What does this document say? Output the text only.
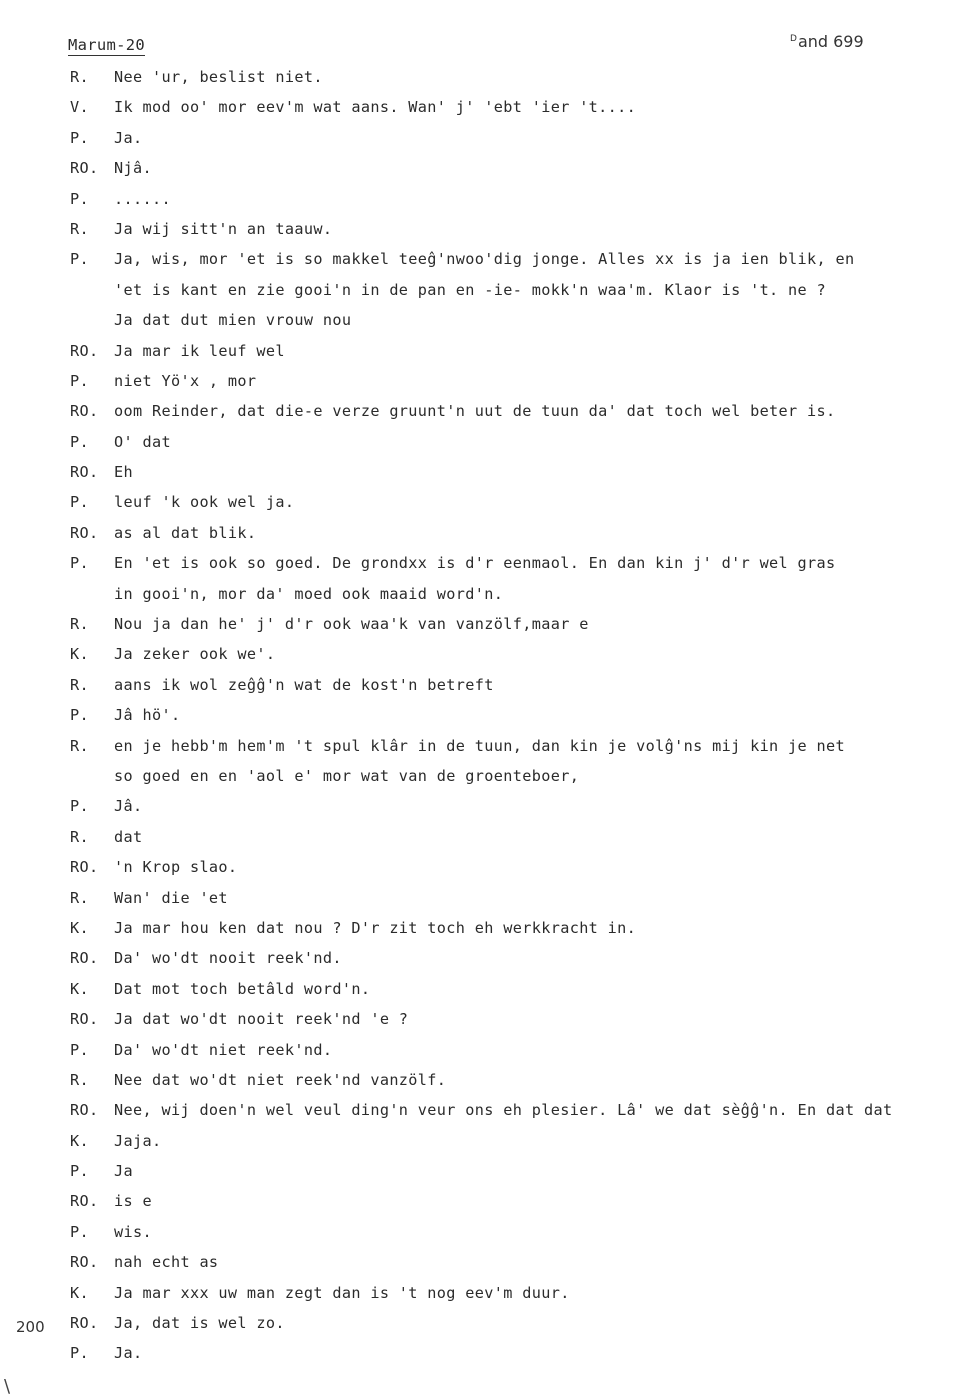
Marum-20	$^D$and 699
R.	Nee 'ur, beslist niet.
V.	Ik mod oo' mor eev'm wat aans. Wan' j' 'ebt 'ier 't....
P.	Ja.
RO.	Njâ.
P.	......
R.	Ja wij sitt'n an taauw.
P.	Ja, wis, mor 'et is so makkel teeĝ'nwoo'dig jonge. Alles xx is ja ien blik, en
'et is kant en zie gooi'n in de pan en -ie- mokk'n waa'm. Klaor is 't. ne ?
Ja dat dut mien vrouw nou
RO.	Ja mar ik leuf wel
P.	niet Yö'x , mor
RO.	oom Reinder, dat die-e verze gruunt'n uut de tuun da' dat toch wel beter is.
P.	O' dat
RO.	Eh
P.	leuf 'k ook wel ja.
RO.	as al dat blik.
P.	En 'et is ook so goed. De grondxx is d'r eenmaol. En dan kin j' d'r wel gras
in gooi'n, mor da' moed ook maaid word'n.
R.	Nou ja dan he' j' d'r ook waa'k van vanzölf,maar e
K.	Ja zeker ook we'.
R.	aans ik wol zeĝĝ'n wat de kost'n betreft
P.	Jâ hö'.
R.	en je hebb'm hem'm 't spul klâr in de tuun, dan kin je volĝ'ns mij kin je net
so goed en en 'aol e' mor wat van de groenteboer,
P.	Jâ.
R.	dat
RO.	'n Krop slao.
R.	Wan' die 'et
K.	Ja mar hou ken dat nou ? D'r zit toch eh werkkracht in.
RO.	Da' wo'dt nooit reek'nd.
K.	Dat mot toch betâld word'n.
RO.	Ja dat wo'dt nooit reek'nd 'e ?
P.	Da' wo'dt niet reek'nd.
R.	Nee dat wo'dt niet reek'nd vanzölf.
RO.	Nee, wij doen'n wel veul ding'n veur ons eh plesier. Lâ' we dat sèĝĝ'n. En dat dat
K.	Jaja.
P.	Ja
RO.	is e
P.	wis.
RO.	nah echt as
K.	Ja mar xxx uw man zegt dan is 't nog eev'm duur.
RO.	Ja, dat is wel zo.
P.	Ja.
200
\
